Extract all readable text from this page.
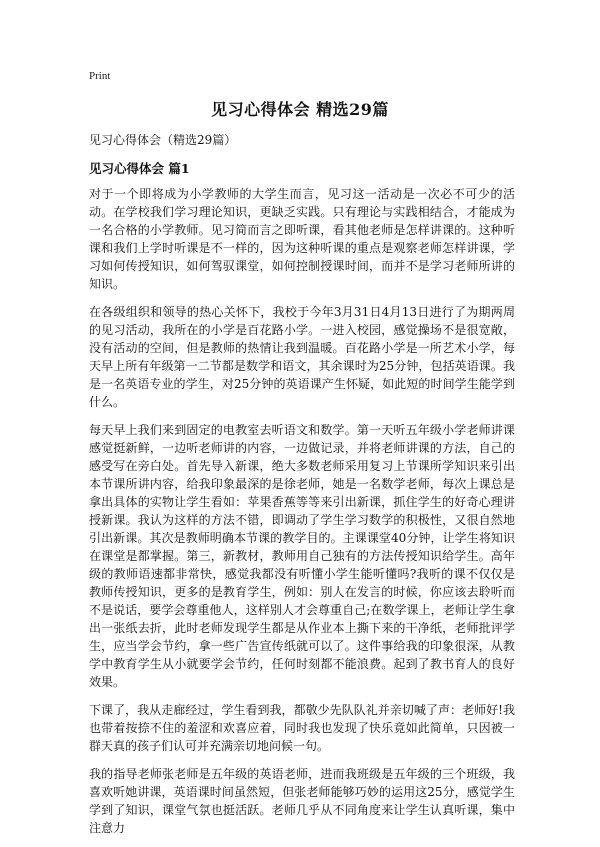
Print
见习心得体会 精选29篇
见习心得体会（精选29篇）
见习心得体会 篇1

对于一个即将成为小学教师的大学生而言，见习这一活动是一次必不可少的活动。在学校我们学习理论知识，更缺乏实践。只有理论与实践相结合，才能成为一名合格的小学教师。见习简而言之即听课，看其他老师是怎样讲课的。这种听课和我们上学时听课是不一样的，因为这种听课的重点是观察老师怎样讲课，学习如何传授知识，如何驾驭课堂，如何控制授课时间，而并不是学习老师所讲的知识。

在各级组织和领导的热心关怀下，我校于今年3月31日4月13日进行了为期两周的见习活动，我所在的小学是百花路小学。一进入校园，感觉操场不是很宽敞，没有活动的空间，但是教师的热情让我到温暖。百花路小学是一所艺术小学，每天早上所有年级第一二节都是数学和语文，其余课时为25分钟，包括英语课。我是一名英语专业的学生，对25分钟的英语课产生怀疑，如此短的时间学生能学到什么。

每天早上我们来到固定的电教室去听语文和数学。第一天听五年级小学老师讲课感觉挺新鲜，一边听老师讲的内容，一边做记录，并将老师讲课的方法，自己的感受写在旁白处。首先导入新课，绝大多数老师采用复习上节课所学知识来引出本节课所讲内容，给我印象最深的是徐老师，她是一名数学老师，每次上课总是拿出具体的实物让学生看如：苹果香蕉等等来引出新课，抓住学生的好奇心理讲授新课。我认为这样的方法不错，即调动了学生学习数学的积极性，又很自然地引出新课。其次是教师明确本节课的教学目的。主课课堂40分钟，让学生将知识在课堂是都掌握。第三，新教材，教师用自己独有的方法传授知识给学生。高年级的教师语速都非常快，感觉我都没有听懂小学生能听懂吗?我听的课不仅仅是教师传授知识，更多的是教育学生，例如：别人在发言的时候，你应该去聆听而不是说话，要学会尊重他人，这样别人才会尊重自己;在数学课上，老师让学生拿出一张纸去折，此时老师发现学生都是从作业本上撕下来的干净纸，老师批评学生，应当学会节约，拿一些广告宣传纸就可以了。这件事给我的印象很深，从教学中教育学生从小就要学会节约，任何时刻都不能浪费。起到了教书育人的良好效果。

下课了，我从走廊经过，学生看到我，都敬少先队队礼并亲切喊了声：老师好!我也带着按捺不住的羞涩和欢喜应着，同时我也发现了快乐竟如此简单，只因被一群天真的孩子们认可并充满亲切地问候一句。

我的指导老师张老师是五年级的英语老师，进而我班级是五年级的三个班级，我喜欢听她讲课，英语课时间虽然短，但张老师能够巧妙的运用这25分，感觉学生学到了知识，课堂气氛也挺活跃。老师几乎从不同角度来让学生认真听课，集中注意力
